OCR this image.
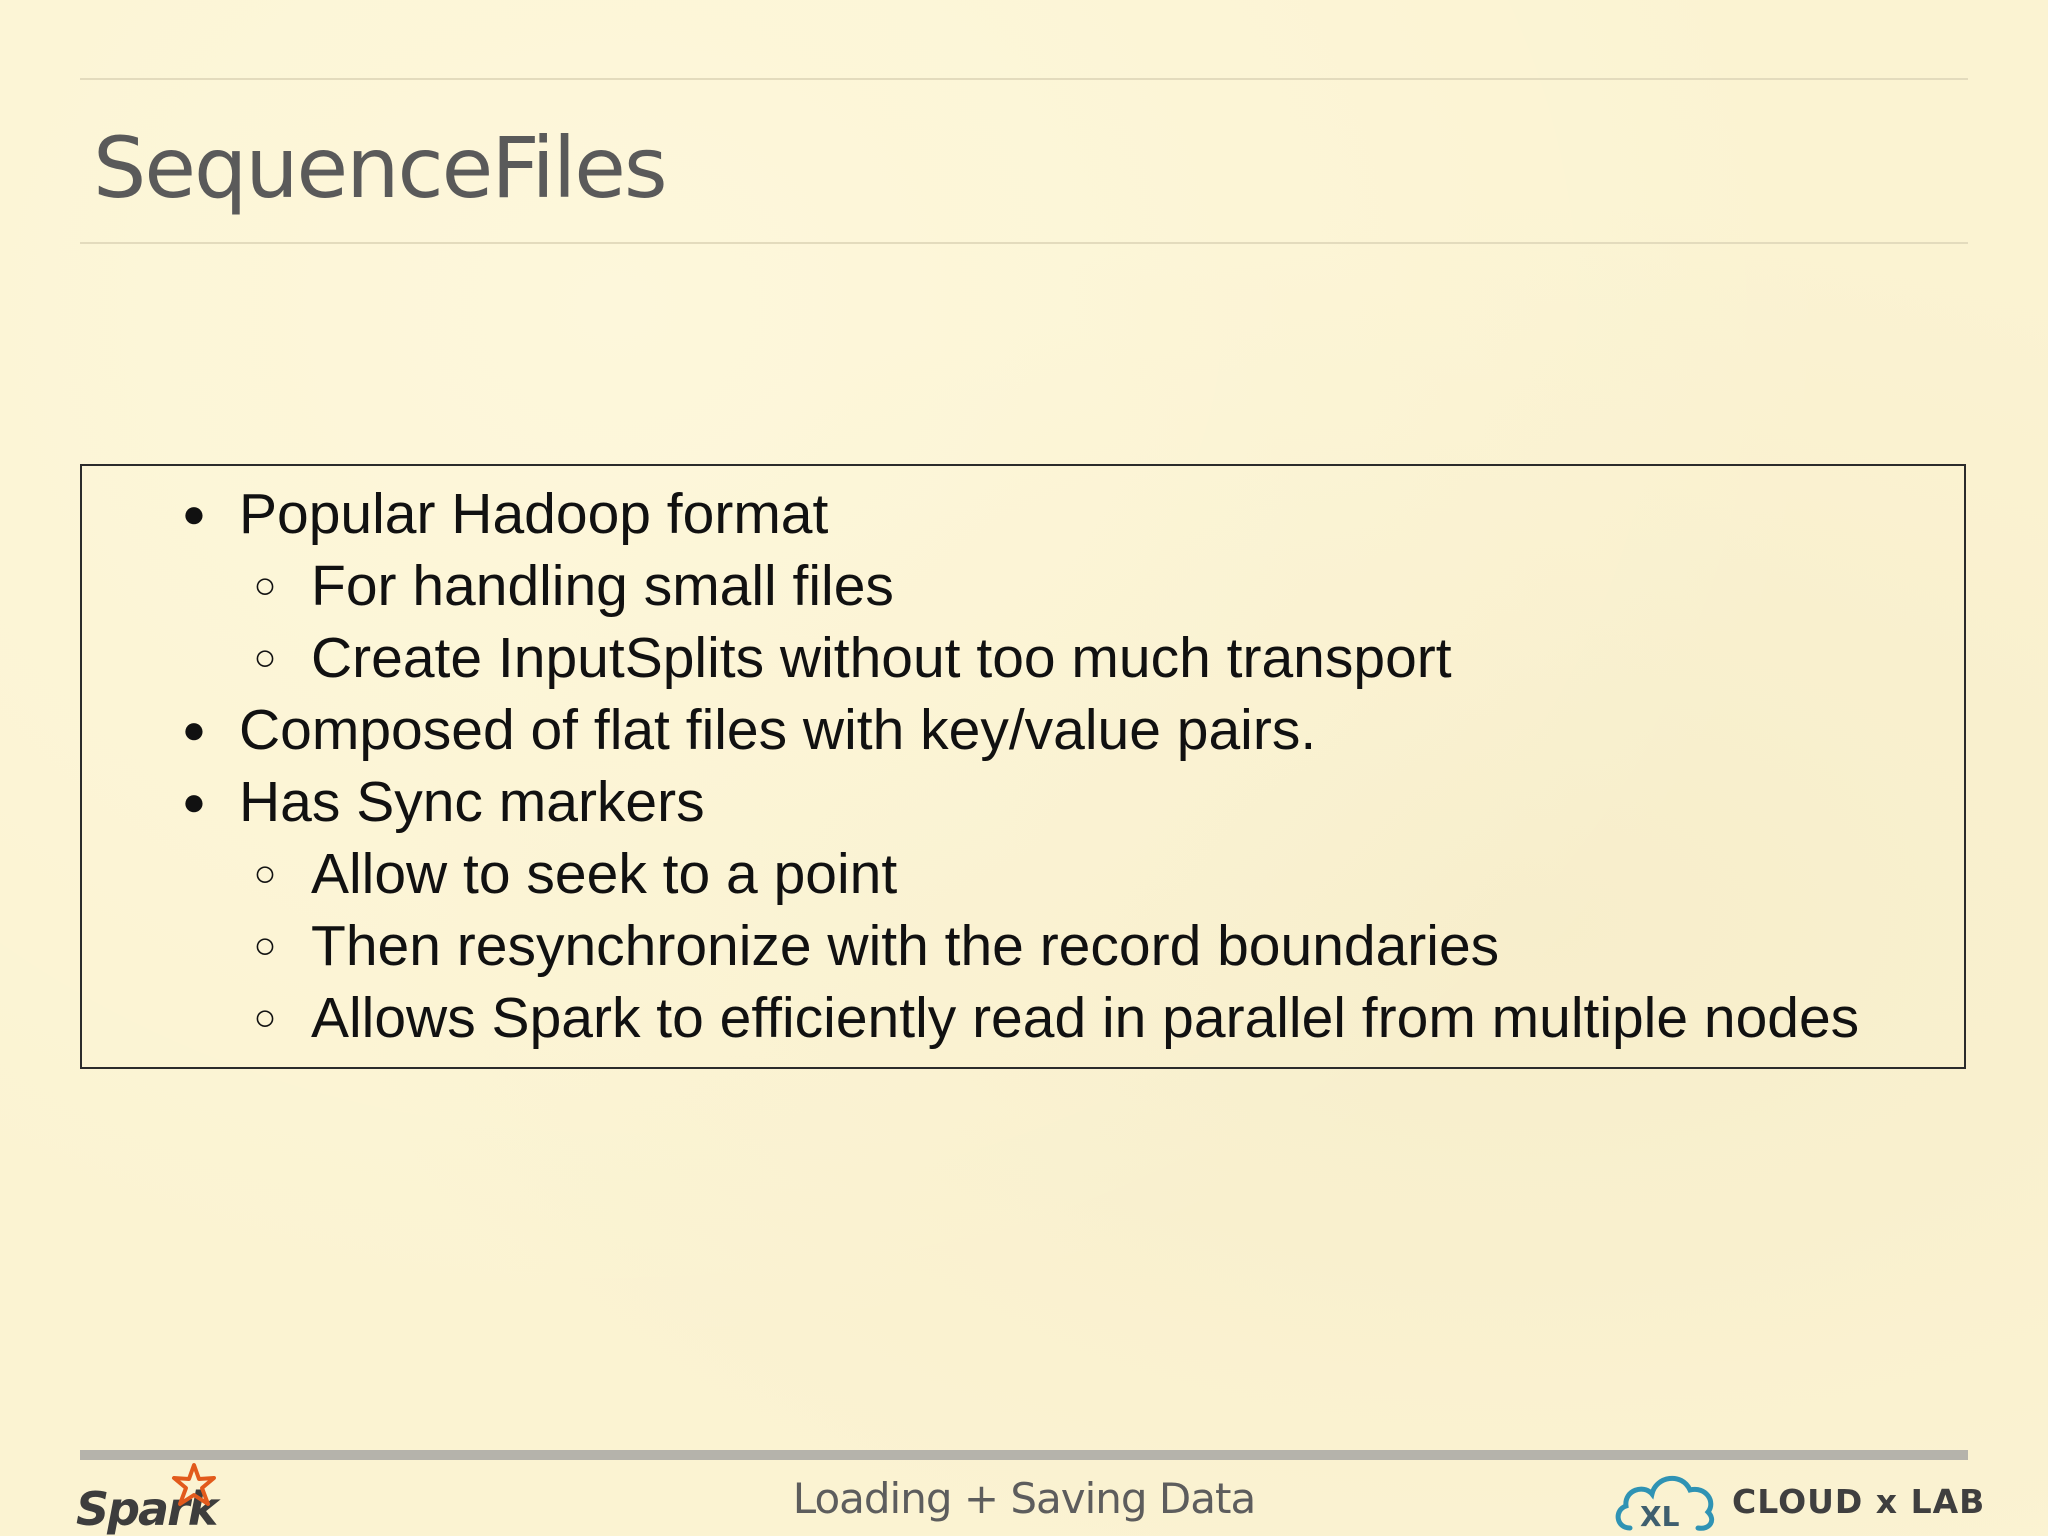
SequenceFiles
● Popular Hadoop format
○ For handling small files
○ Create InputSplits without too much transport
● Composed of flat files with key/value pairs.
● Has Sync markers
○ Allow to seek to a point
○ Then resynchronize with the record boundaries
○ Allows Spark to efficiently read in parallel from multiple nodes
Spark	Loading + Saving Data	XL CLOUD x LAB
